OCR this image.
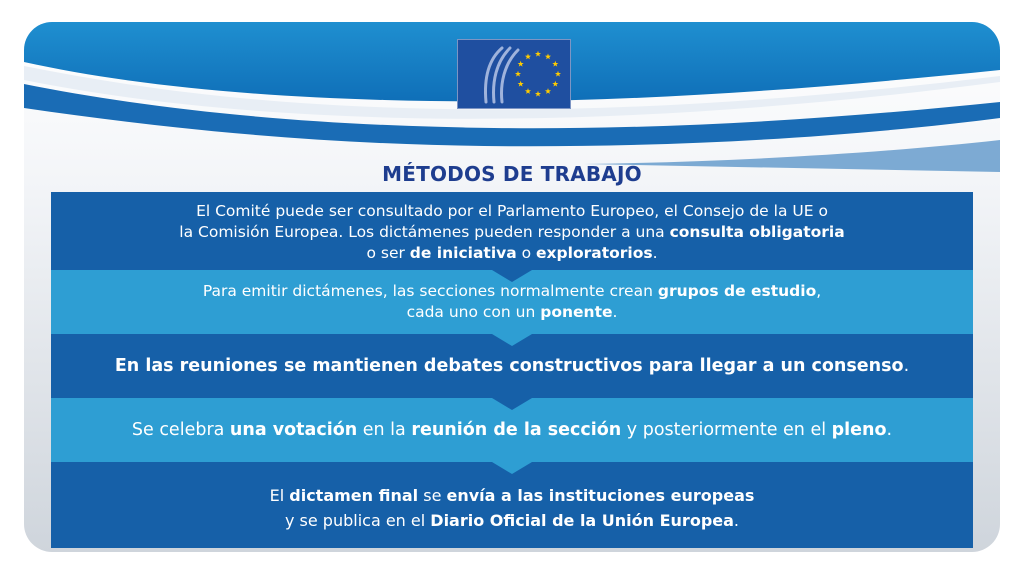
MÉTODOS DE TRABAJO
El Comité puede ser consultado por el Parlamento Europeo, el Consejo de la UE o
la Comisión Europea. Los dictámenes pueden responder a una consulta obligatoria
o ser de iniciativa o exploratorios.
Para emitir dictámenes, las secciones normalmente crean grupos de estudio,
cada uno con un ponente.
En las reuniones se mantienen debates constructivos para llegar a un consenso.
Se celebra una votación en la reunión de la sección y posteriormente en el pleno.
El dictamen final se envía a las instituciones europeas
y se publica en el Diario Oficial de la Unión Europea.
